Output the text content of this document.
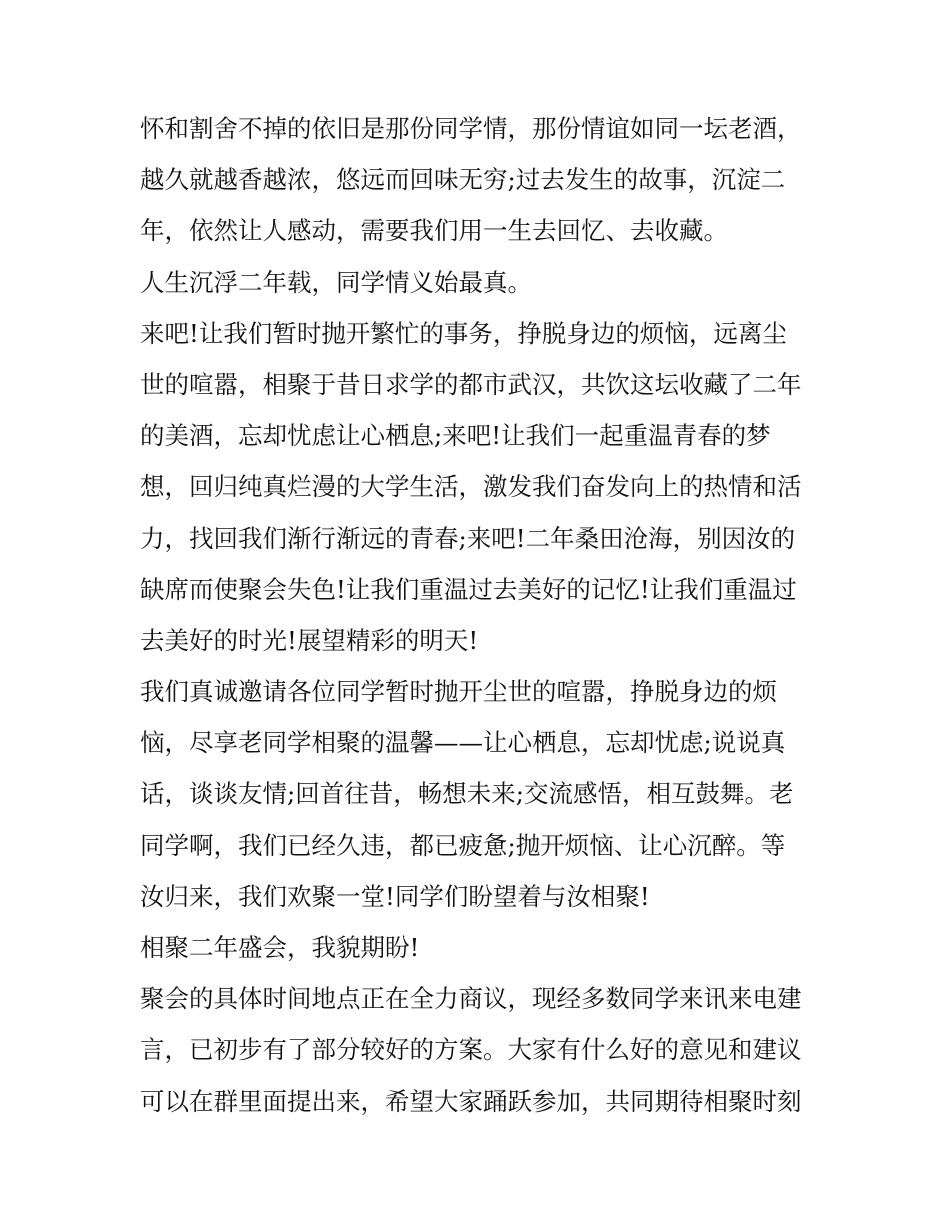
怀和割舍不掉的依旧是那份同学情，那份情谊如同一坛老酒，
越久就越香越浓，悠远而回味无穷;过去发生的故事，沉淀二
年，依然让人感动，需要我们用一生去回忆、去收藏。
人生沉浮二年载，同学情义始最真。
来吧!让我们暂时抛开繁忙的事务，挣脱身边的烦恼，远离尘
世的喧嚣，相聚于昔日求学的都市武汉，共饮这坛收藏了二年
的美酒，忘却忧虑让心栖息;来吧!让我们一起重温青春的梦
想，回归纯真烂漫的大学生活，激发我们奋发向上的热情和活
力，找回我们渐行渐远的青春;来吧!二年桑田沧海，别因汝的
缺席而使聚会失色!让我们重温过去美好的记忆!让我们重温过
去美好的时光!展望精彩的明天!
我们真诚邀请各位同学暂时抛开尘世的喧嚣，挣脱身边的烦
恼，尽享老同学相聚的温馨——让心栖息，忘却忧虑;说说真
话，谈谈友情;回首往昔，畅想未来;交流感悟，相互鼓舞。老
同学啊，我们已经久违，都已疲惫;抛开烦恼、让心沉醉。等
汝归来，我们欢聚一堂!同学们盼望着与汝相聚!
相聚二年盛会，我貌期盼!
聚会的具体时间地点正在全力商议，现经多数同学来讯来电建
言，已初步有了部分较好的方案。大家有什么好的意见和建议
可以在群里面提出来，希望大家踊跃参加，共同期待相聚时刻
